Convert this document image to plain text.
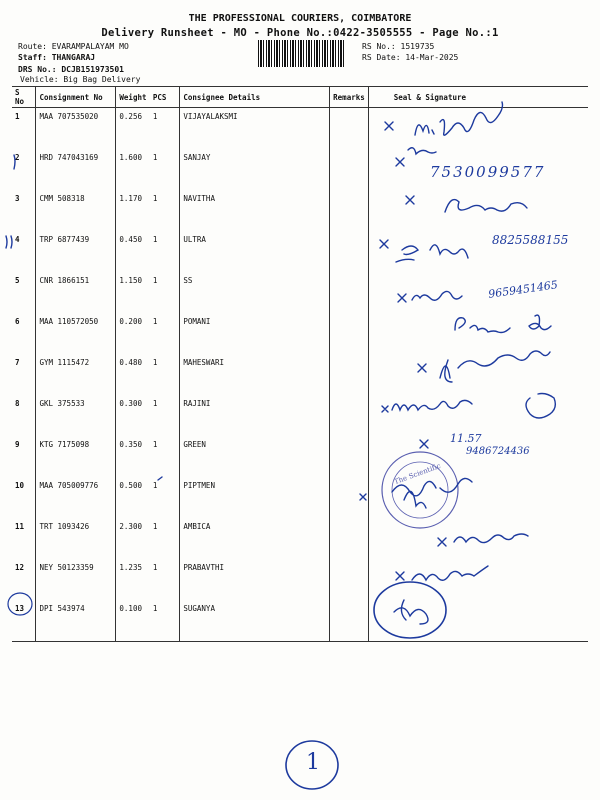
THE PROFESSIONAL COURIERS, COIMBATORE
Delivery Runsheet - MO - Phone No.:0422-3505555 - Page No.:1
Route: EVARAMPALAYAM MO
Staff: THANGARAJ
DRS No.: DCJB151973501
Vehicle: Big Bag Delivery
RS No.: 1519735
RS Date: 14-Mar-2025
S No	Consignment No	Weight	PCS	Consignee Details	Remarks	Seal & Signature
1	MAA 707535020	0.256	1	VIJAYALAKSMI		
2	HRD 747043169	1.600	1	SANJAY		
3	CMM 508318	1.170	1	NAVITHA		
4	TRP 6877439	0.450	1	ULTRA		
5	CNR 1866151	1.150	1	SS		
6	MAA 110572050	0.200	1	POMANI		
7	GYM 1115472	0.480	1	MAHESWARI		
8	GKL 375533	0.300	1	RAJINI		
9	KTG 7175098	0.350	1	GREEN		
10	MAA 705009776	0.500	1	PIPTMEN		
11	TRT 1093426	2.300	1	AMBICA		
12	NEY 50123359	1.235	1	PRABAVTHI		
13	DPI 543974	0.100	1	SUGANYA		
7530099577
8825588155
9659451465
11.57
9486724436
1
The Scientific
